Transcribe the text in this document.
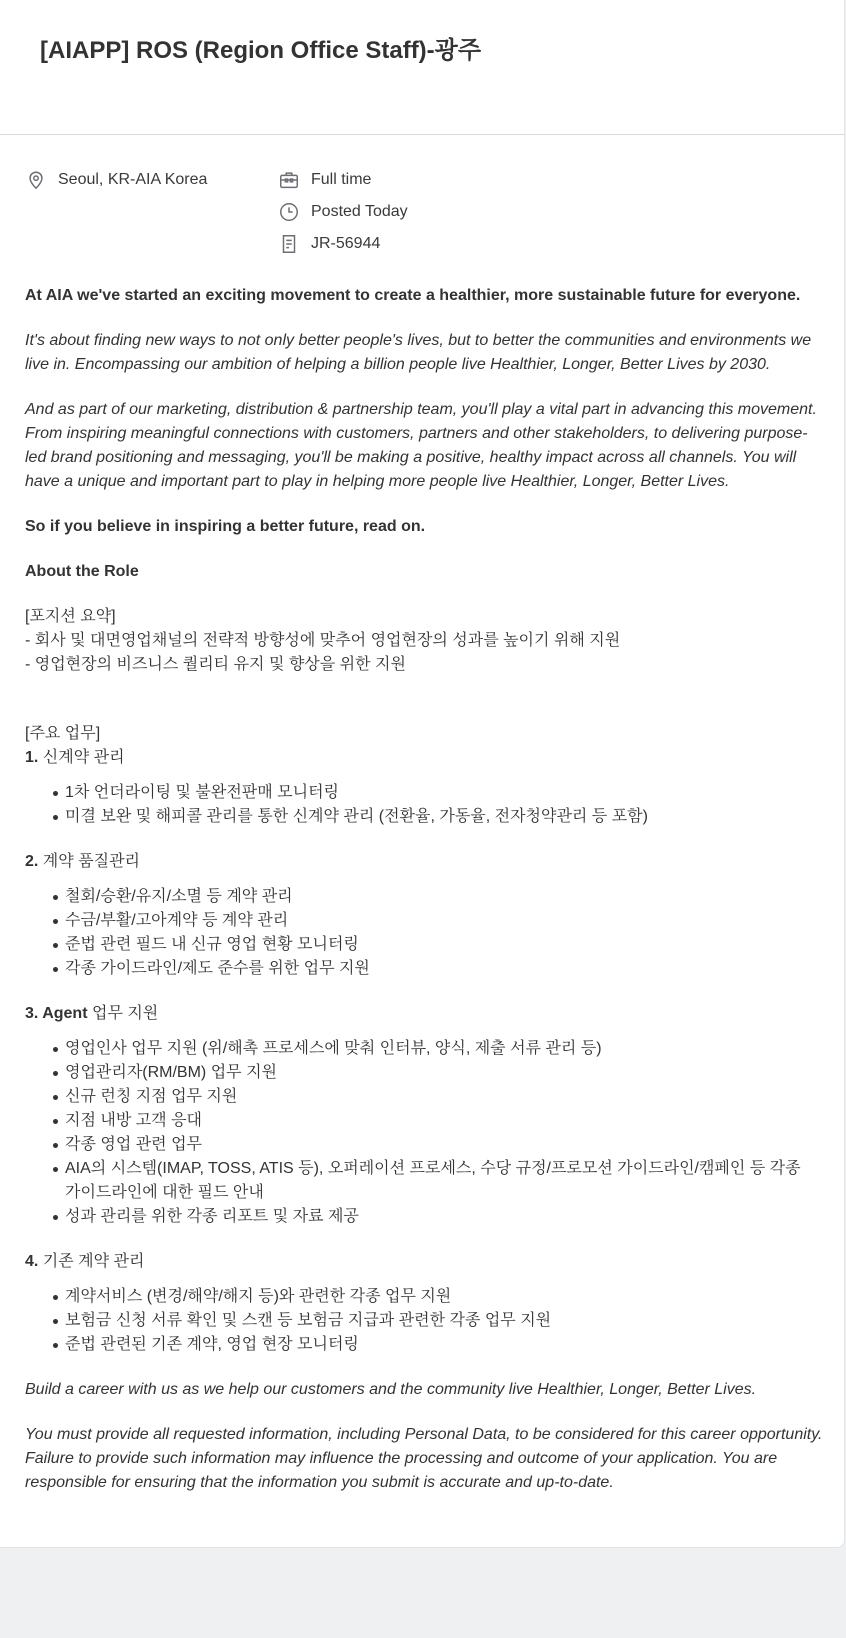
[AIAPP] ROS (Region Office Staff)-광주
Seoul, KR-AIA Korea	Full time
Posted Today
JR-56944

At AIA we've started an exciting movement to create a healthier, more sustainable future for everyone.

It's about finding new ways to not only better people's lives, but to better the communities and environments we live in. Encompassing our ambition of helping a billion people live Healthier, Longer, Better Lives by 2030.

And as part of our marketing, distribution & partnership team, you'll play a vital part in advancing this movement. From inspiring meaningful connections with customers, partners and other stakeholders, to delivering purpose-led brand positioning and messaging, you'll be making a positive, healthy impact across all channels. You will have a unique and important part to play in helping more people live Healthier, Longer, Better Lives.

So if you believe in inspiring a better future, read on.

About the Role

[포지션 요약]

- 회사 및 대면영업채널의 전략적 방향성에 맞추어 영업현장의 성과를 높이기 위해 지원

- 영업현장의 비즈니스 퀄리티 유지 및 향상을 위한 지원

[주요 업무]

1. 신계약 관리

1차 언더라이팅 및 불완전판매 모니터링
미결 보완 및 해피콜 관리를 통한 신계약 관리 (전환율, 가동율, 전자청약관리 등 포함)

2. 계약 품질관리

철회/승환/유지/소멸 등 계약 관리
수금/부활/고아계약 등 계약 관리
준법 관련 필드 내 신규 영업 현황 모니터링
각종 가이드라인/제도 준수를 위한 업무 지원

3. Agent 업무 지원

영업인사 업무 지원 (위/해촉 프로세스에 맞춰 인터뷰, 양식, 제출 서류 관리 등)
영업관리자(RM/BM) 업무 지원
신규 런칭 지점 업무 지원
지점 내방 고객 응대
각종 영업 관련 업무
AIA의 시스템(IMAP, TOSS, ATIS 등), 오퍼레이션 프로세스, 수당 규정/프로모션 가이드라인/캠페인 등 각종 가이드라인에 대한 필드 안내
성과 관리를 위한 각종 리포트 및 자료 제공

4. 기존 계약 관리

계약서비스 (변경/해약/해지 등)와 관련한 각종 업무 지원
보험금 신청 서류 확인 및 스캔 등 보험금 지급과 관련한 각종 업무 지원
준법 관련된 기존 계약, 영업 현장 모니터링

Build a career with us as we help our customers and the community live Healthier, Longer, Better Lives.

You must provide all requested information, including Personal Data, to be considered for this career opportunity. Failure to provide such information may influence the processing and outcome of your application. You are responsible for ensuring that the information you submit is accurate and up-to-date.
